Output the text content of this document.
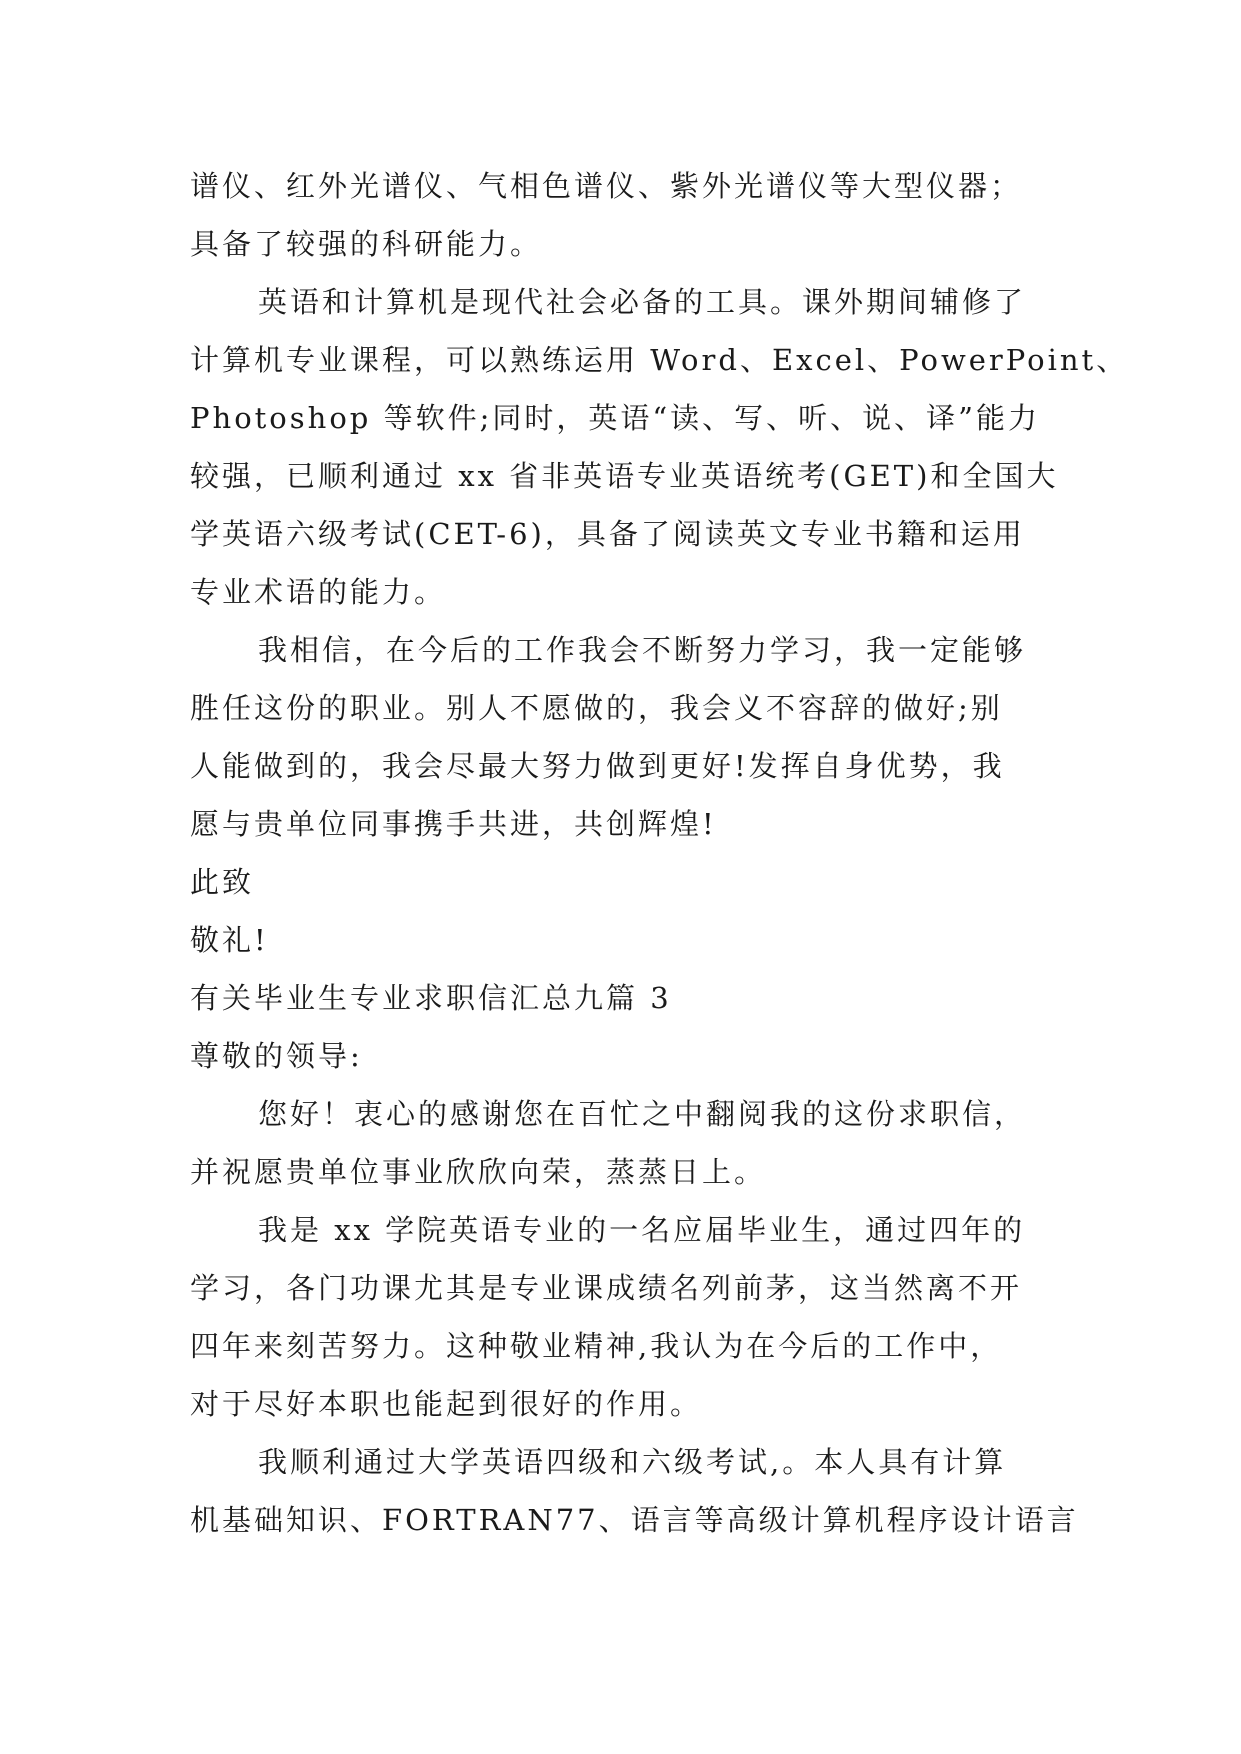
谱仪、红外光谱仪、气相色谱仪、紫外光谱仪等大型仪器；
具备了较强的科研能力。
英语和计算机是现代社会必备的工具。课外期间辅修了
计算机专业课程，可以熟练运用 Word、Excel、PowerPoint、
Photoshop 等软件;同时，英语“读、写、听、说、译”能力
较强，已顺利通过 xx 省非英语专业英语统考(GET)和全国大
学英语六级考试(CET-6)，具备了阅读英文专业书籍和运用
专业术语的能力。
我相信，在今后的工作我会不断努力学习，我一定能够
胜任这份的职业。别人不愿做的，我会义不容辞的做好;别
人能做到的，我会尽最大努力做到更好!发挥自身优势，我
愿与贵单位同事携手共进，共创辉煌!
此致
敬礼!
有关毕业生专业求职信汇总九篇 3
尊敬的领导:
您好！衷心的感谢您在百忙之中翻阅我的这份求职信，
并祝愿贵单位事业欣欣向荣，蒸蒸日上。
我是 xx 学院英语专业的一名应届毕业生，通过四年的
学习，各门功课尤其是专业课成绩名列前茅，这当然离不开
四年来刻苦努力。这种敬业精神,我认为在今后的工作中，
对于尽好本职也能起到很好的作用。
我顺利通过大学英语四级和六级考试,。本人具有计算
机基础知识、FORTRAN77、语言等高级计算机程序设计语言
